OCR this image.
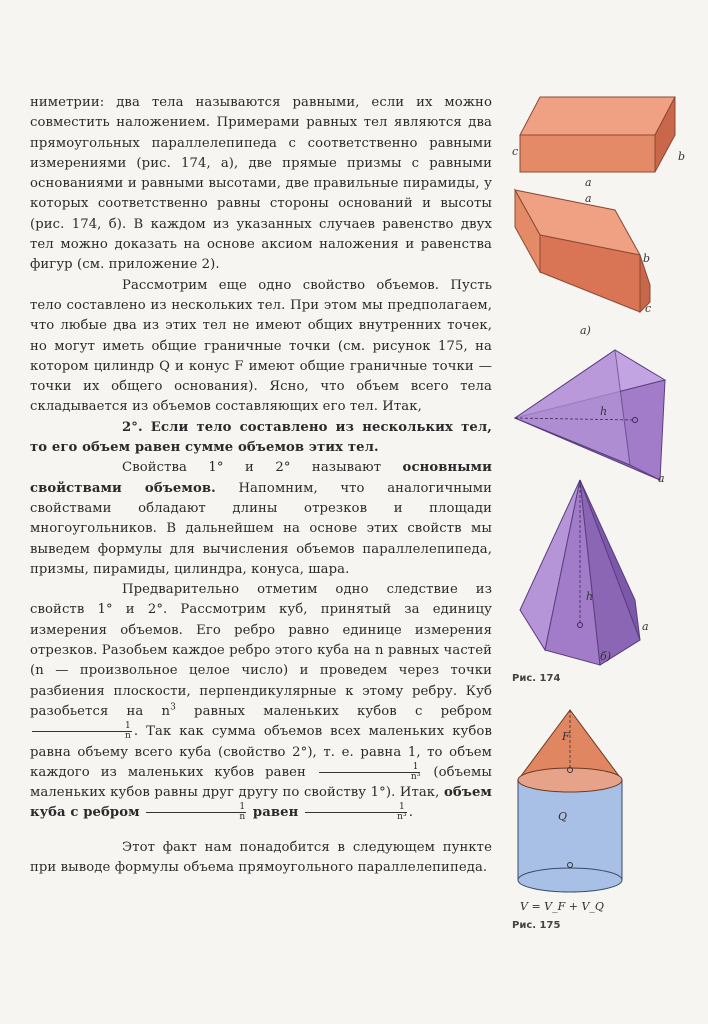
ниметрии: два тела называются равными, если их можно совместить наложением. Примерами равных тел являются два прямоугольных параллелепипеда с соответственно равными измерениями (рис. 174, а), две прямые призмы с равными основаниями и равными высотами, две правильные пирамиды, у которых соответственно равны стороны оснований и высоты (рис. 174, б). В каждом из указанных случаев равенство двух тел можно доказать на основе аксиом наложения и равенства фигур (см. приложение 2).

Рассмотрим еще одно свойство объемов. Пусть тело составлено из нескольких тел. При этом мы предполагаем, что любые два из этих тел не имеют общих внутренних точек, но могут иметь общие граничные точки (см. рисунок 175, на котором цилиндр Q и конус F имеют общие граничные точки — точки их общего основания). Ясно, что объем всего тела складывается из объемов составляющих его тел. Итак,

2°. Если тело составлено из нескольких тел, то его объем равен сумме объемов этих тел.

Свойства 1° и 2° называют основными свойствами объемов. Напомним, что аналогичными свойствами обладают длины отрезков и площади многоугольников. В дальнейшем на основе этих свойств мы выведем формулы для вычисления объемов параллелепипеда, призмы, пирамиды, цилиндра, конуса, шара.

Предварительно отметим одно следствие из свойств 1° и 2°. Рассмотрим куб, принятый за единицу измерения объемов. Его ребро равно единице измерения отрезков. Разобьем каждое ребро этого куба на n равных частей (n — произвольное целое число) и проведем через точки разбиения плоскости, перпендикулярные к этому ребру. Куб разобьется на $n^3$ равных маленьких кубов с ребром
$\frac{1}{n}$ . Так как сумма объемов всех маленьких кубов равна объему всего куба (свойство 2°), т. е. равна 1, то объем каждого из маленьких кубов равен $\frac{1}{\text{n³}}$ (объемы маленьких кубов равны друг другу по свойству 1°). Итак, объем куба с ребром $\frac{1}{n}$ равен $\frac{1}{\text{n³}}$ .

Этот факт нам понадобится в следующем пункте при выводе формулы объема прямоугольного параллелепипеда.

c
a
b
a
b
c
а)
h
a
h
a
б)
F
Q
V = V_F + V_Q
Рис. 174
Рис. 175
